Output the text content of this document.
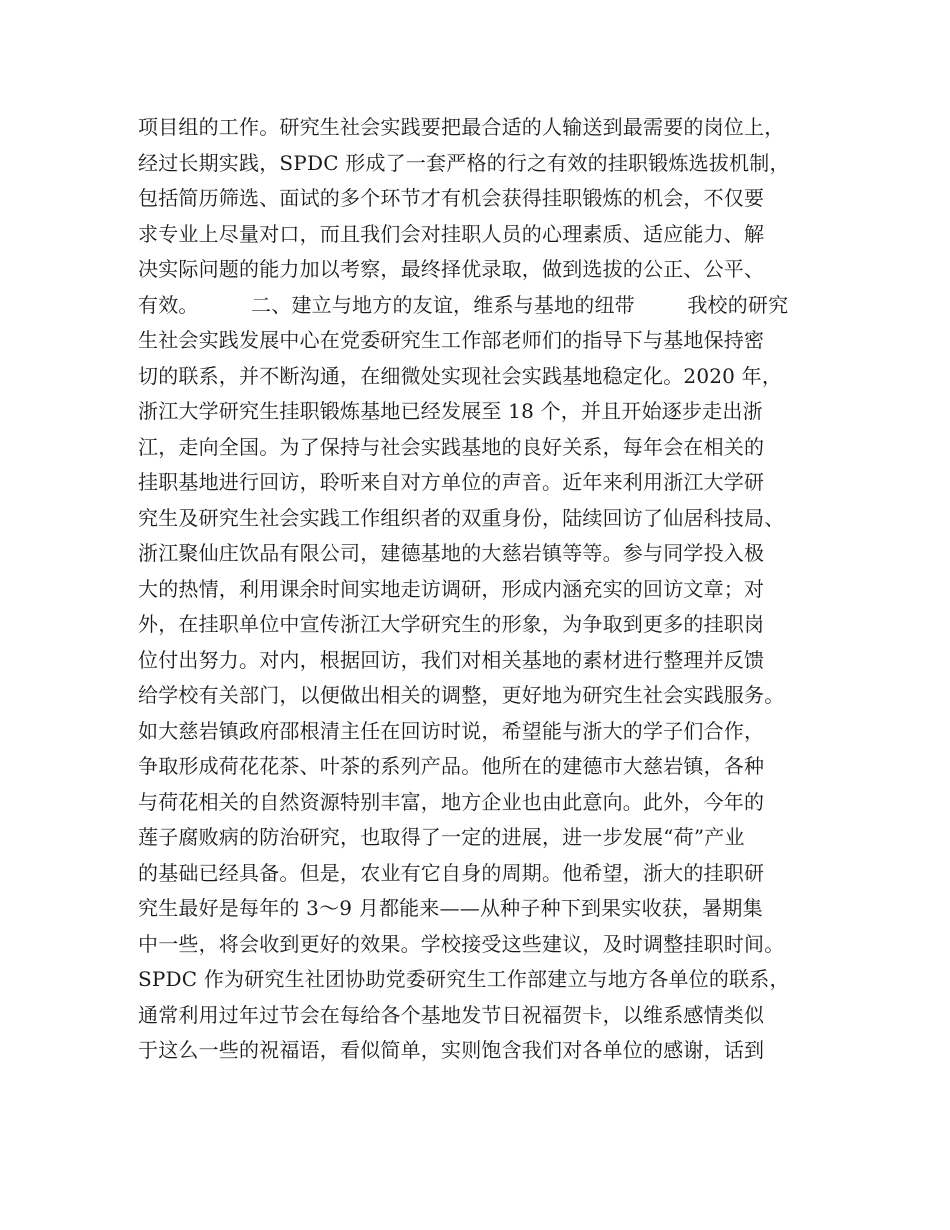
项目组的工作。研究生社会实践要把最合适的人输送到最需要的岗位上，
经过长期实践，SPDC 形成了一套严格的行之有效的挂职锻炼选拔机制，
包括简历筛选、面试的多个环节才有机会获得挂职锻炼的机会，不仅要
求专业上尽量对口，而且我们会对挂职人员的心理素质、适应能力、解
决实际问题的能力加以考察，最终择优录取，做到选拔的公正、公平、
有效。        二、建立与地方的友谊，维系与基地的纽带        我校的研究
生社会实践发展中心在党委研究生工作部老师们的指导下与基地保持密
切的联系，并不断沟通，在细微处实现社会实践基地稳定化。2020 年，
浙江大学研究生挂职锻炼基地已经发展至 18 个，并且开始逐步走出浙
江，走向全国。为了保持与社会实践基地的良好关系，每年会在相关的
挂职基地进行回访，聆听来自对方单位的声音。近年来利用浙江大学研
究生及研究生社会实践工作组织者的双重身份，陆续回访了仙居科技局、
浙江聚仙庄饮品有限公司，建德基地的大慈岩镇等等。参与同学投入极
大的热情，利用课余时间实地走访调研，形成内涵充实的回访文章；对
外，在挂职单位中宣传浙江大学研究生的形象，为争取到更多的挂职岗
位付出努力。对内，根据回访，我们对相关基地的素材进行整理并反馈
给学校有关部门，以便做出相关的调整，更好地为研究生社会实践服务。
如大慈岩镇政府邵根清主任在回访时说，希望能与浙大的学子们合作，
争取形成荷花花茶、叶茶的系列产品。他所在的建德市大慈岩镇，各种
与荷花相关的自然资源特别丰富，地方企业也由此意向。此外，今年的
莲子腐败病的防治研究，也取得了一定的进展，进一步发展“荷”产业
的基础已经具备。但是，农业有它自身的周期。他希望，浙大的挂职研
究生最好是每年的 3～9 月都能来——从种子种下到果实收获，暑期集
中一些，将会收到更好的效果。学校接受这些建议，及时调整挂职时间。
SPDC 作为研究生社团协助党委研究生工作部建立与地方各单位的联系，
通常利用过年过节会在每给各个基地发节日祝福贺卡，以维系感情类似
于这么一些的祝福语，看似简单，实则饱含我们对各单位的感谢，话到
